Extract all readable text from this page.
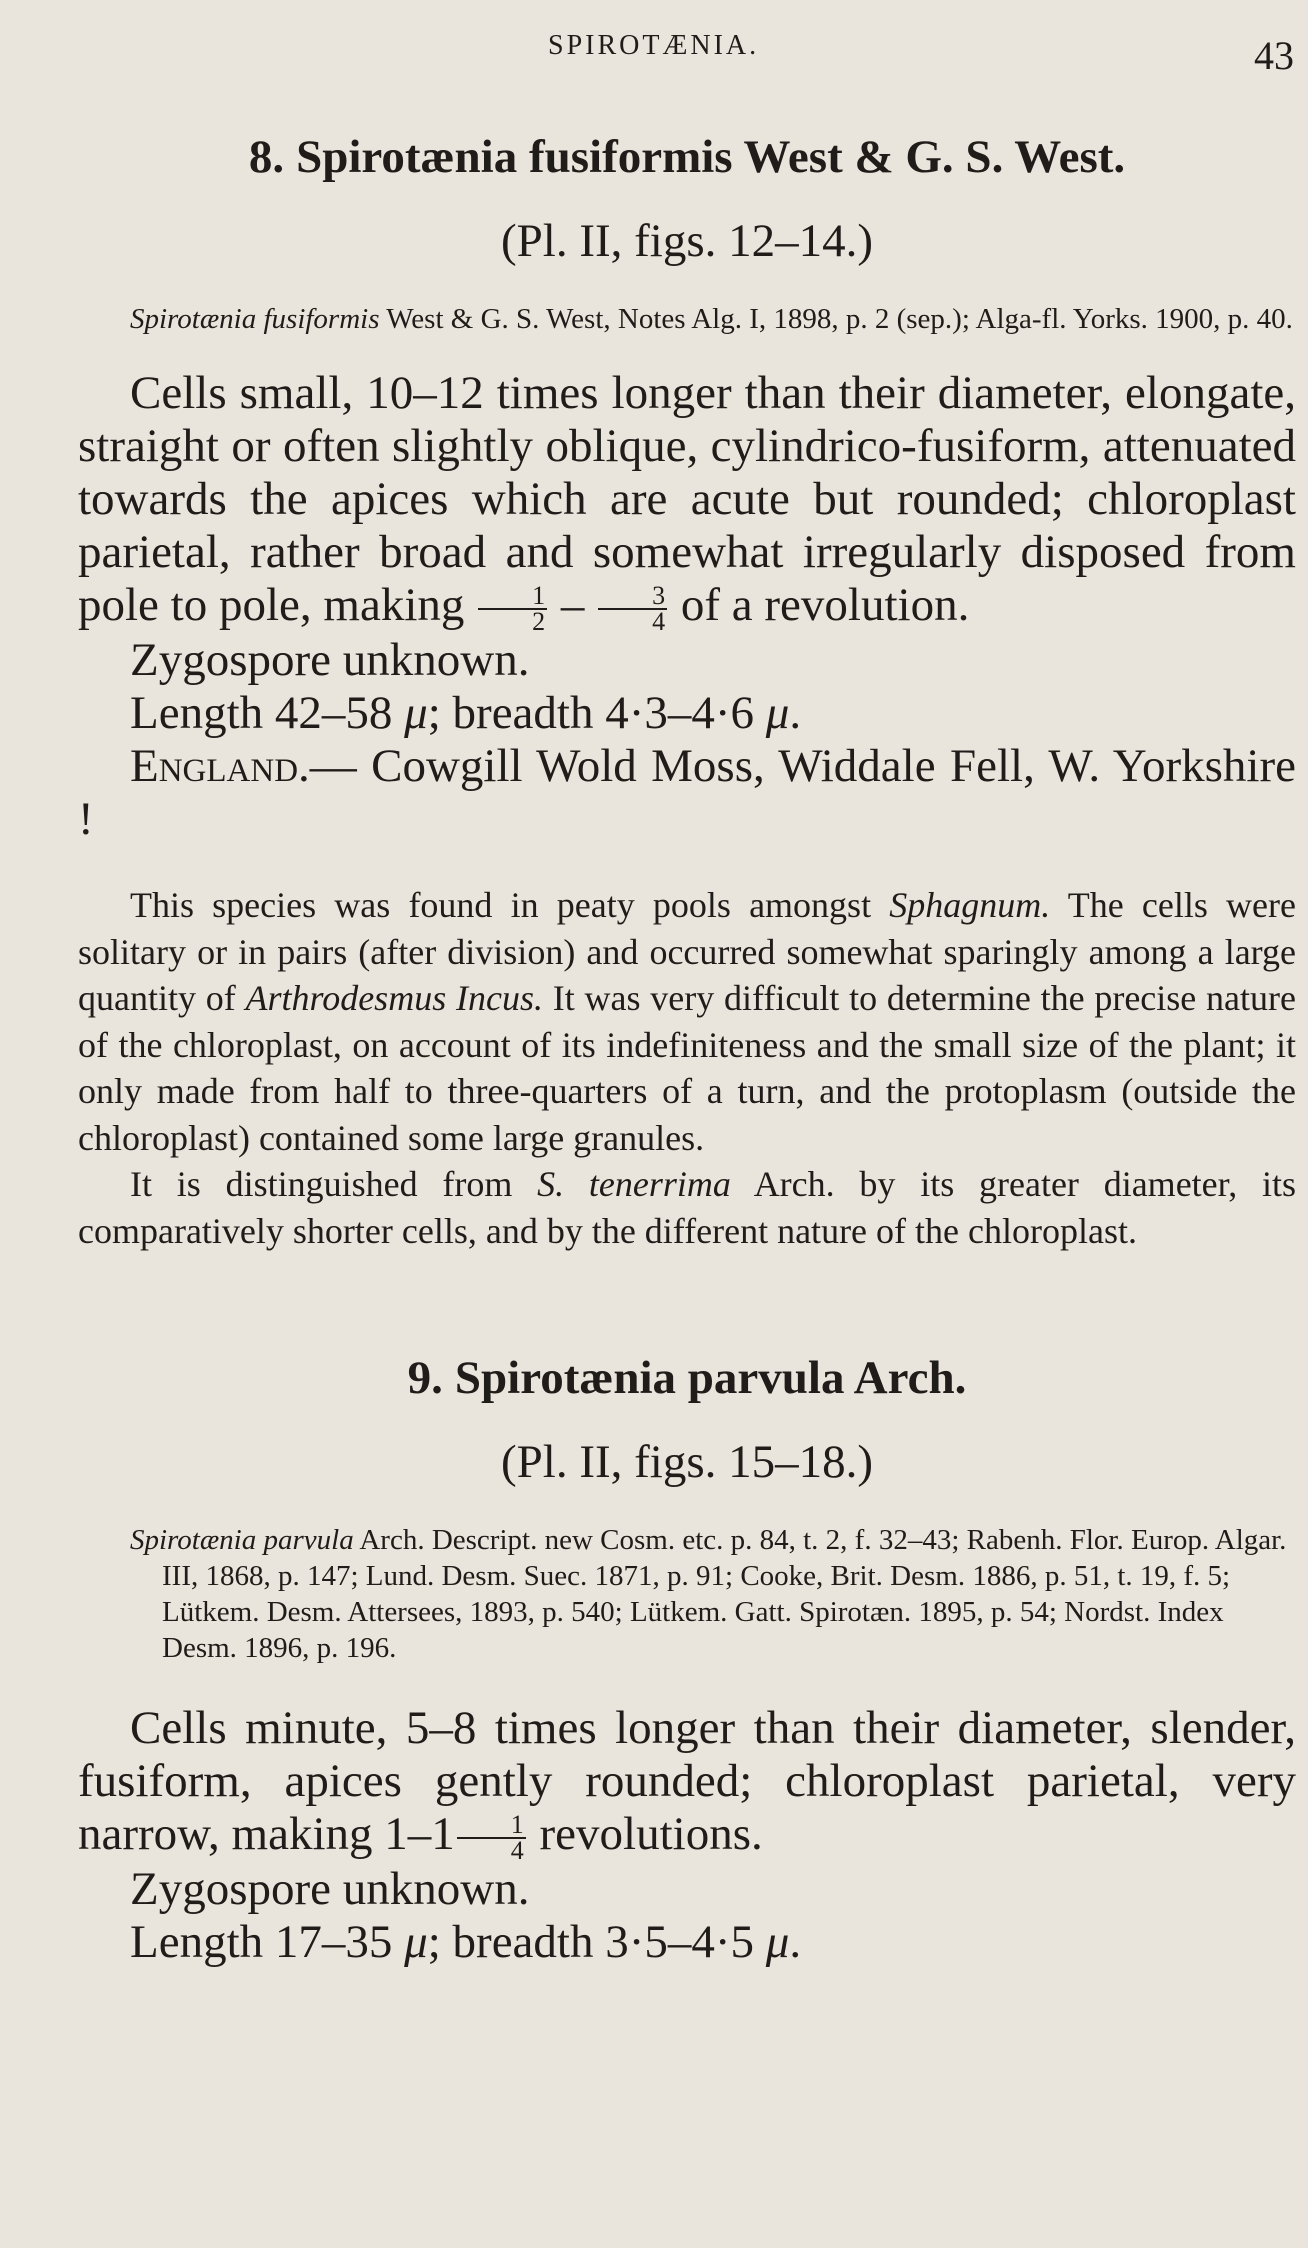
SPIROTÆNIA.	43
8. Spirotænia fusiformis West & G. S. West.

(Pl. II, figs. 12–14.)

Spirotænia fusiformis West & G. S. West, Notes Alg. I, 1898, p. 2 (sep.); Alga-fl. Yorks. 1900, p. 40.

Cells small, 10–12 times longer than their diameter, elongate, straight or often slightly oblique, cylindrico-fusiform, attenuated towards the apices which are acute but rounded; chloroplast parietal, rather broad and somewhat irregularly disposed from pole to pole, making $\frac{1}{2} - \frac{3}{4}$ of a revolution.

Zygospore unknown.

Length 42–58 μ; breadth 4·3–4·6 μ.

England.— Cowgill Wold Moss, Widdale Fell, W. Yorkshire !

This species was found in peaty pools amongst Sphagnum. The cells were solitary or in pairs (after division) and occurred somewhat sparingly among a large quantity of Arthrodesmus Incus. It was very difficult to determine the precise nature of the chloroplast, on account of its indefiniteness and the small size of the plant; it only made from half to three-quarters of a turn, and the protoplasm (outside the chloroplast) contained some large granules.

It is distinguished from S. tenerrima Arch. by its greater diameter, its comparatively shorter cells, and by the different nature of the chloroplast.

9. Spirotænia parvula Arch.

(Pl. II, figs. 15–18.)

Spirotænia parvula Arch. Descript. new Cosm. etc. p. 84, t. 2, f. 32–43; Rabenh. Flor. Europ. Algar. III, 1868, p. 147; Lund. Desm. Suec. 1871, p. 91; Cooke, Brit. Desm. 1886, p. 51, t. 19, f. 5; Lütkem. Desm. Attersees, 1893, p. 540; Lütkem. Gatt. Spirotæn. 1895, p. 54; Nordst. Index Desm. 1896, p. 196.

Cells minute, 5–8 times longer than their diameter, slender, fusiform, apices gently rounded; chloroplast parietal, very narrow, making $1-1 \frac{1}{4}$ revolutions.

Zygospore unknown.

Length 17–35 μ; breadth 3·5–4·5 μ.
